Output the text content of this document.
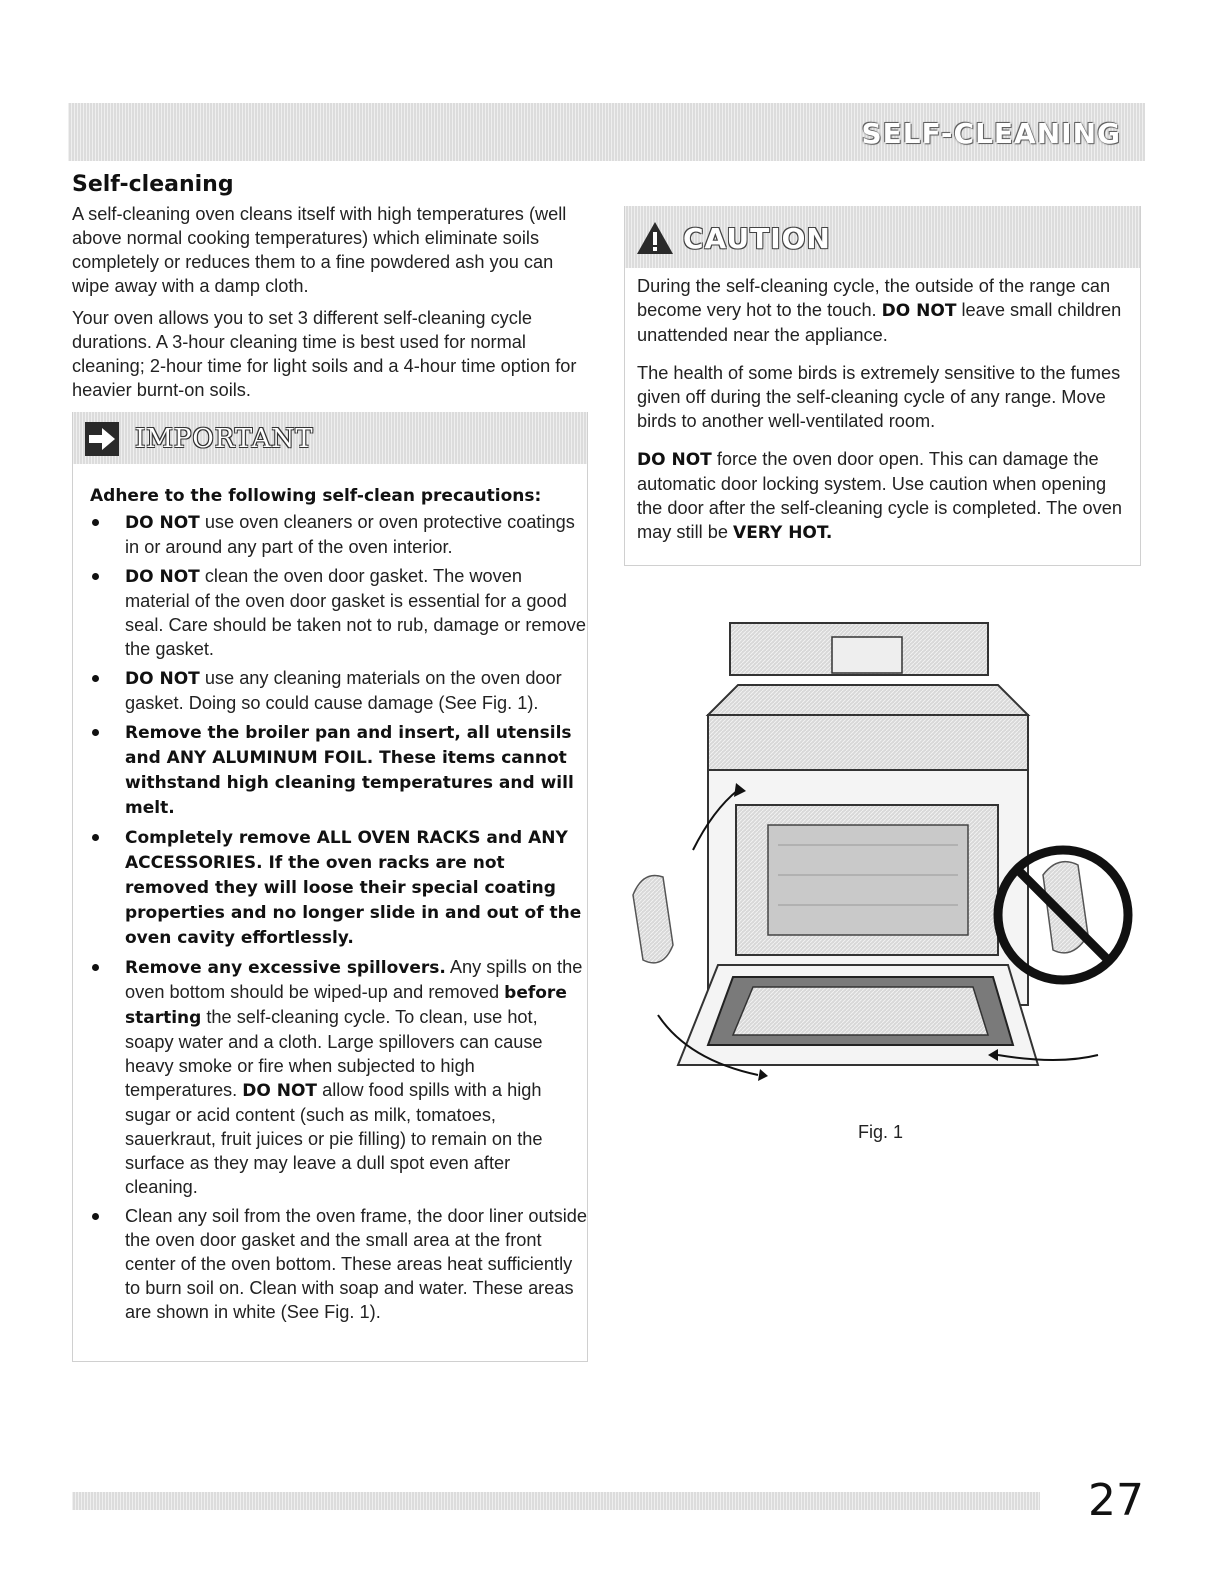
SELF-CLEANING
Self-cleaning

A self-cleaning oven cleans itself with high temperatures (well above normal cooking temperatures) which eliminate soils completely or reduces them to a fine powdered ash you can wipe away with a damp cloth.

Your oven allows you to set 3 different self-cleaning cycle durations. A 3-hour cleaning time is best used for normal cleaning; 2-hour time for light soils and a 4-hour time option for heavier burnt-on soils.

IMPORTANT
Adhere to the following self-clean precautions:
DO NOT use oven cleaners or oven protective coatings in or around any part of the oven interior.
DO NOT clean the oven door gasket. The woven material of the oven door gasket is essential for a good seal. Care should be taken not to rub, damage or remove the gasket.
DO NOT use any cleaning materials on the oven door gasket. Doing so could cause damage (See Fig. 1).
Remove the broiler pan and insert, all utensils and ANY ALUMINUM FOIL. These items cannot withstand high cleaning temperatures and will melt.
Completely remove ALL OVEN RACKS and ANY ACCESSORIES. If the oven racks are not removed they will loose their special coating properties and no longer slide in and out of the oven cavity effortlessly.
Remove any excessive spillovers. Any spills on the oven bottom should be wiped-up and removed before starting the self-cleaning cycle. To clean, use hot, soapy water and a cloth. Large spillovers can cause heavy smoke or fire when subjected to high temperatures. DO NOT allow food spills with a high sugar or acid content (such as milk, tomatoes, sauerkraut, fruit juices or pie filling) to remain on the surface as they may leave a dull spot even after cleaning.
Clean any soil from the oven frame, the door liner outside the oven door gasket and the small area at the front center of the oven bottom. These areas heat sufficiently to burn soil on. Clean with soap and water. These areas are shown in white (See Fig. 1).
CAUTION

During the self-cleaning cycle, the outside of the range can become very hot to the touch. DO NOT leave small children unattended near the appliance.

The health of some birds is extremely sensitive to the fumes given off during the self-cleaning cycle of any range. Move birds to another well-ventilated room.

DO NOT force the oven door open. This can damage the automatic door locking system. Use caution when opening the door after the self-cleaning cycle is completed. The oven may still be VERY HOT.

Fig. 1
27
